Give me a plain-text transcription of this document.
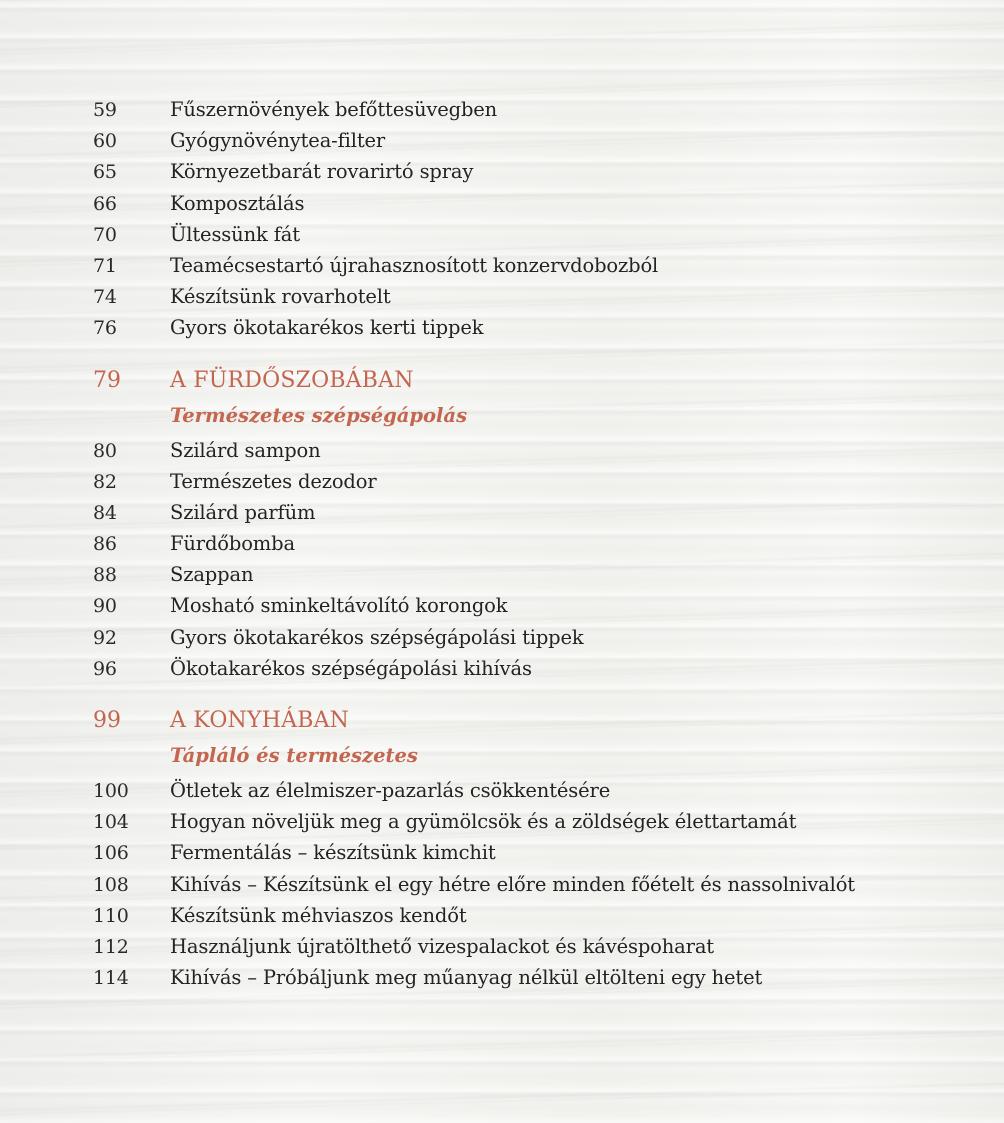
59	Fűszernövények befőttesüvegben
60	Gyógynövénytea-filter
65	Környezetbarát rovarirtó spray
66	Komposztálás
70	Ültessünk fát
71	Teamécsestartó újrahasznosított konzervdobozból
74	Készítsünk rovarhotelt
76	Gyors ökotakarékos kerti tippek
79	A FÜRDŐSZOBÁBAN
Természetes szépségápolás
80	Szilárd sampon
82	Természetes dezodor
84	Szilárd parfüm
86	Fürdőbomba
88	Szappan
90	Mosható sminkeltávolító korongok
92	Gyors ökotakarékos szépségápolási tippek
96	Ökotakarékos szépségápolási kihívás
99	A KONYHÁBAN
Tápláló és természetes
100	Ötletek az élelmiszer-pazarlás csökkentésére
104	Hogyan növeljük meg a gyümölcsök és a zöldségek élettartamát
106	Fermentálás – készítsünk kimchit
108	Kihívás – Készítsünk el egy hétre előre minden főételt és nassolnivalót
110	Készítsünk méhviaszos kendőt
112	Használjunk újratölthető vizespalackot és kávéspoharat
114	Kihívás – Próbáljunk meg műanyag nélkül eltölteni egy hetet
